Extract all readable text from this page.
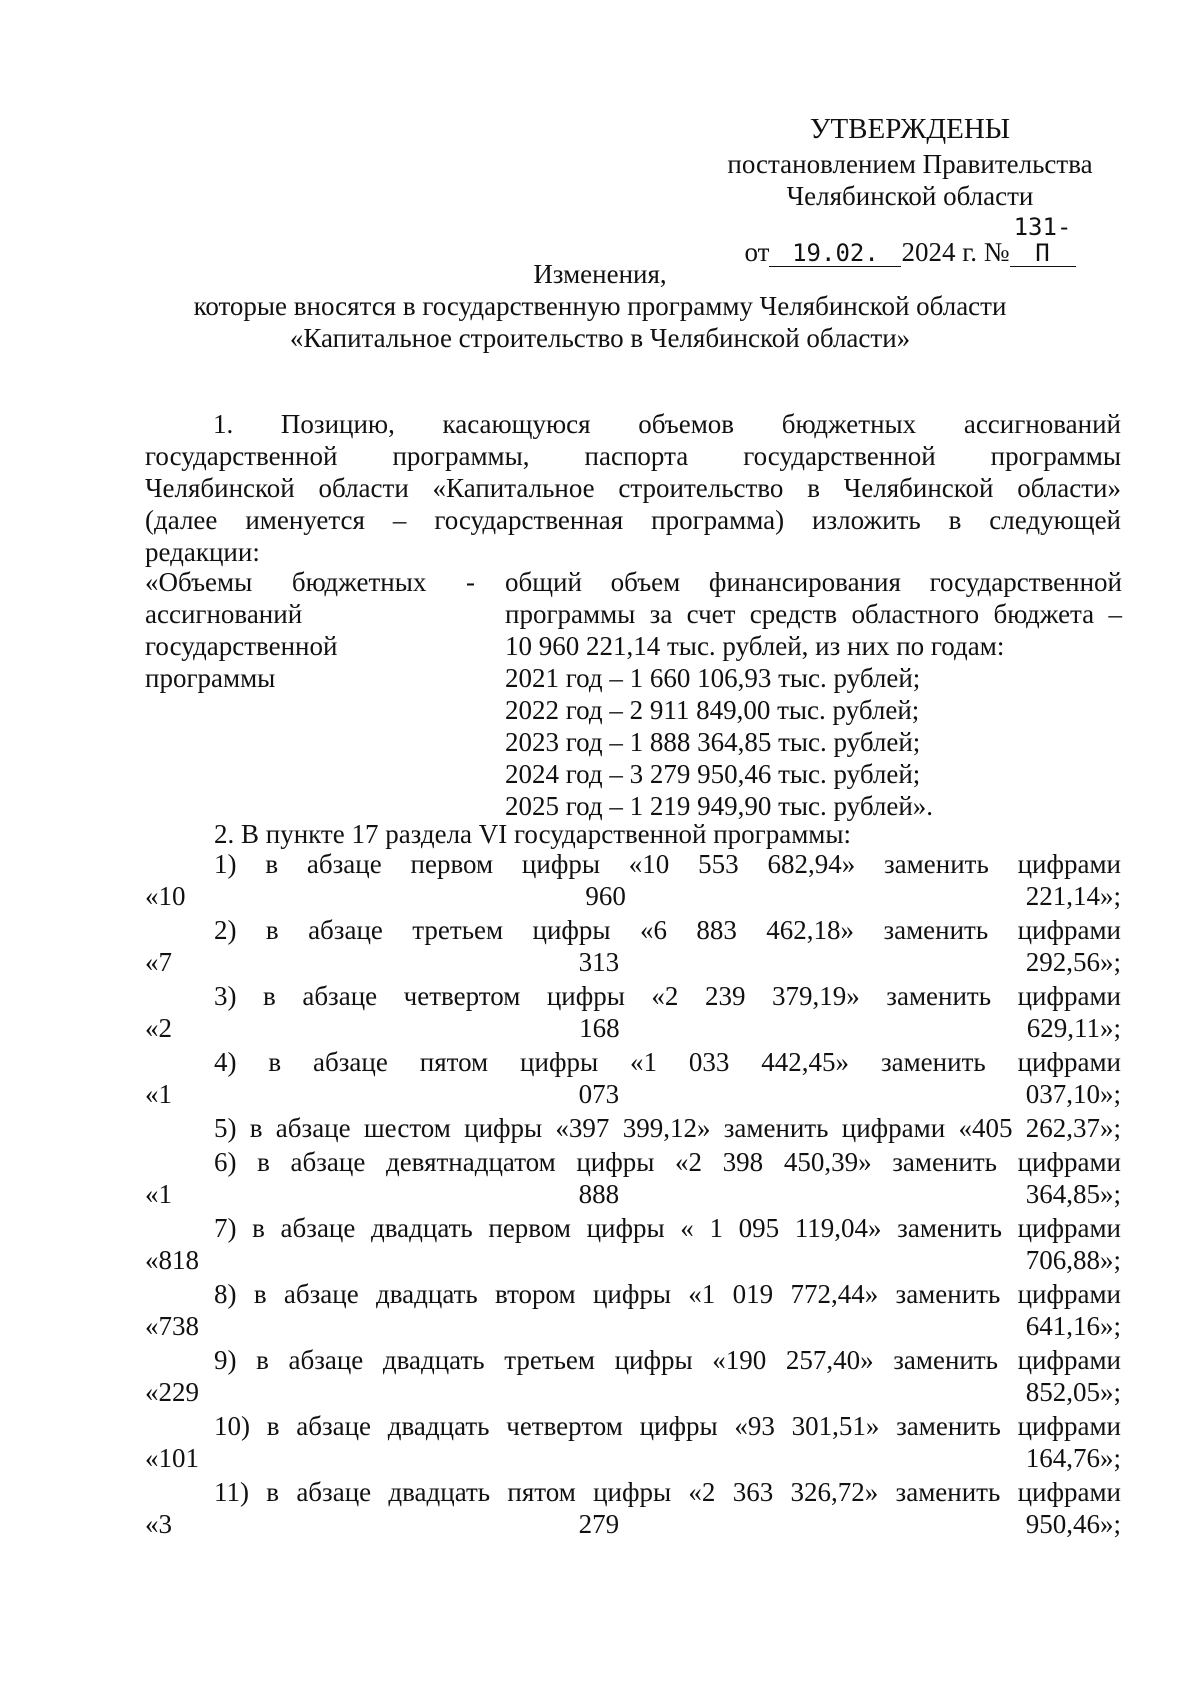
УТВЕРЖДЕНЫ
постановлением Правительства
Челябинской области
от 19.02. 2024 г. №131-П
Изменения,
которые вносятся в государственную программу Челябинской области
«Капитальное строительство в Челябинской области»
1. Позицию, касающуюся объемов бюджетных ассигнований
государственной программы, паспорта государственной программы
Челябинской области «Капитальное строительство в Челябинской области»
(далее именуется – государственная программа) изложить в следующей
редакции:
«Объемы бюджетных -
ассигнований
государственной
программы
общий объем финансирования государственной
программы за счет средств областного бюджета –
10 960 221,14 тыс. рублей, из них по годам:
2021 год – 1 660 106,93 тыс. рублей;
2022 год – 2 911 849,00 тыс. рублей;
2023 год – 1 888 364,85 тыс. рублей;
2024 год – 3 279 950,46 тыс. рублей;
2025 год – 1 219 949,90 тыс. рублей».
2. В пункте 17 раздела VI государственной программы:
1) в абзаце первом цифры «10 553 682,94» заменить цифрами
«10 960 221,14»;
2) в абзаце третьем цифры «6 883 462,18» заменить цифрами
«7 313 292,56»;
3) в абзаце четвертом цифры «2 239 379,19» заменить цифрами
«2 168 629,11»;
4) в абзаце пятом цифры «1 033 442,45» заменить цифрами
«1 073 037,10»;
5) в абзаце шестом цифры «397 399,12» заменить цифрами «405 262,37»;
6) в абзаце девятнадцатом цифры «2 398 450,39» заменить цифрами
«1 888 364,85»;
7) в абзаце двадцать первом цифры « 1 095 119,04» заменить цифрами
«818 706,88»;
8) в абзаце двадцать втором цифры «1 019 772,44» заменить цифрами
«738 641,16»;
9) в абзаце двадцать третьем цифры «190 257,40» заменить цифрами
«229 852,05»;
10) в абзаце двадцать четвертом цифры «93 301,51» заменить цифрами
«101 164,76»;
11) в абзаце двадцать пятом цифры «2 363 326,72» заменить цифрами
«3 279 950,46»;
